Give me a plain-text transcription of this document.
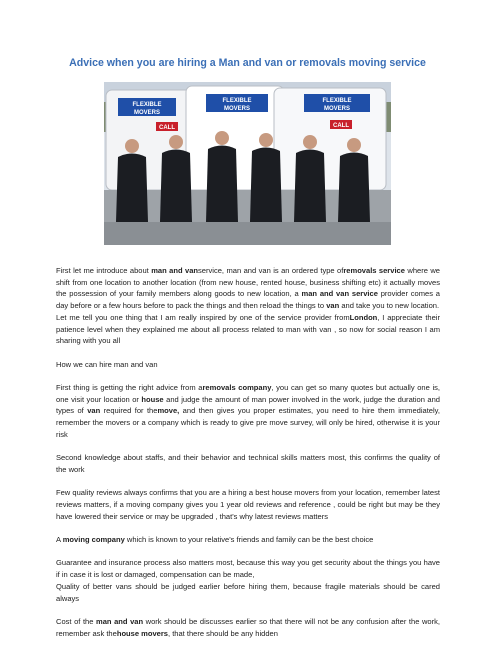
Advice when you are hiring a Man and van or removals moving service
FLEXIBLE
MOVERS
FLEXIBLE
MOVERS
FLEXIBLE
MOVERS
CALL	CALL

First let me introduce about man and vanservice, man and van is an ordered type ofremovals service where we shift from one location to another location (from new house, rented house, business shifting etc) it actually moves the possession of your family members along goods to new location, a man and van service provider comes a day before or a few hours before to pack the things and then reload the things to van and take you to new location.

Let me tell you one thing that I am really inspired by one of the service provider fromLondon, I appreciate their patience level when they explained me about all process related to man with van , so now for social reason I am sharing with you all

How we can hire man and van

First thing is getting the right advice from aremovals company, you can get so many quotes but actually one is, one visit your location or house and judge the amount of man power involved in the work, judge the duration and types of van required for themove, and then gives you proper estimates, you need to hire them immediately, remember the movers or a company which is ready to give pre move survey, will only be hired, otherwise it is your risk

Second knowledge about staffs, and their behavior and technical skills matters most, this confirms the quality of the work

Few quality reviews always confirms that you are a hiring a best house movers from your location, remember latest reviews matters, if a moving company gives you 1 year old reviews and reference , could be right but may be they have lowered their service or may be upgraded , that's why latest reviews matters

A moving company which is known to your relative's friends and family can be the best choice

Guarantee and insurance process also matters most, because this way you get security about the things you have if in case it is lost or damaged, compensation can be made,

Quality of better vans should be judged earlier before hiring them, because fragile materials should be cared always

Cost of the man and van work should be discusses earlier so that there will not be any confusion after the work, remember ask thehouse movers, that there should be any hidden
